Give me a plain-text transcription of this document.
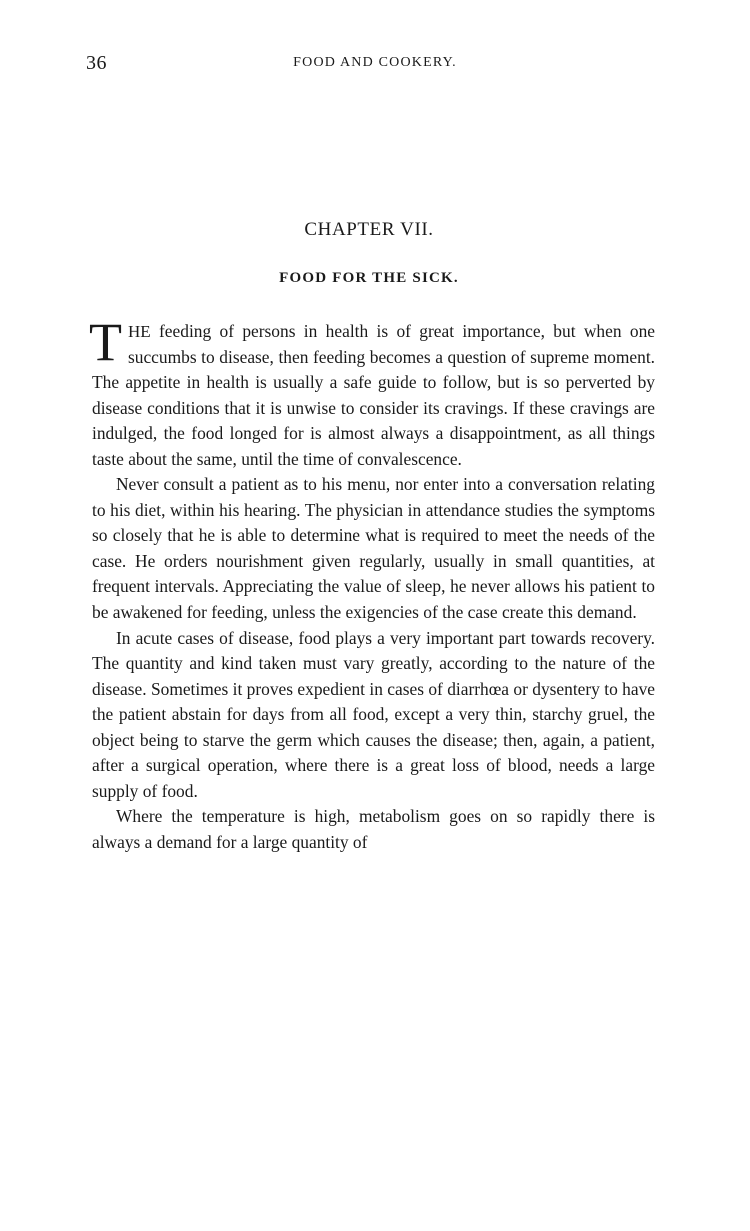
36	FOOD AND COOKERY.
CHAPTER VII.
FOOD FOR THE SICK.

THE feeding of persons in health is of great importance, but when one succumbs to disease, then feeding becomes a question of supreme moment. The appetite in health is usually a safe guide to follow, but is so perverted by disease conditions that it is unwise to consider its cravings. If these cravings are indulged, the food longed for is almost always a disappointment, as all things taste about the same, until the time of convalescence.

Never consult a patient as to his menu, nor enter into a conversation relating to his diet, within his hearing. The physician in attendance studies the symptoms so closely that he is able to determine what is required to meet the needs of the case. He orders nourishment given regularly, usually in small quantities, at frequent intervals. Appreciating the value of sleep, he never allows his patient to be awakened for feeding, unless the exigencies of the case create this demand.

In acute cases of disease, food plays a very important part towards recovery. The quantity and kind taken must vary greatly, according to the nature of the disease. Sometimes it proves expedient in cases of diarrhœa or dysentery to have the patient abstain for days from all food, except a very thin, starchy gruel, the object being to starve the germ which causes the disease; then, again, a patient, after a surgical operation, where there is a great loss of blood, needs a large supply of food.

Where the temperature is high, metabolism goes on so rapidly there is always a demand for a large quantity of
